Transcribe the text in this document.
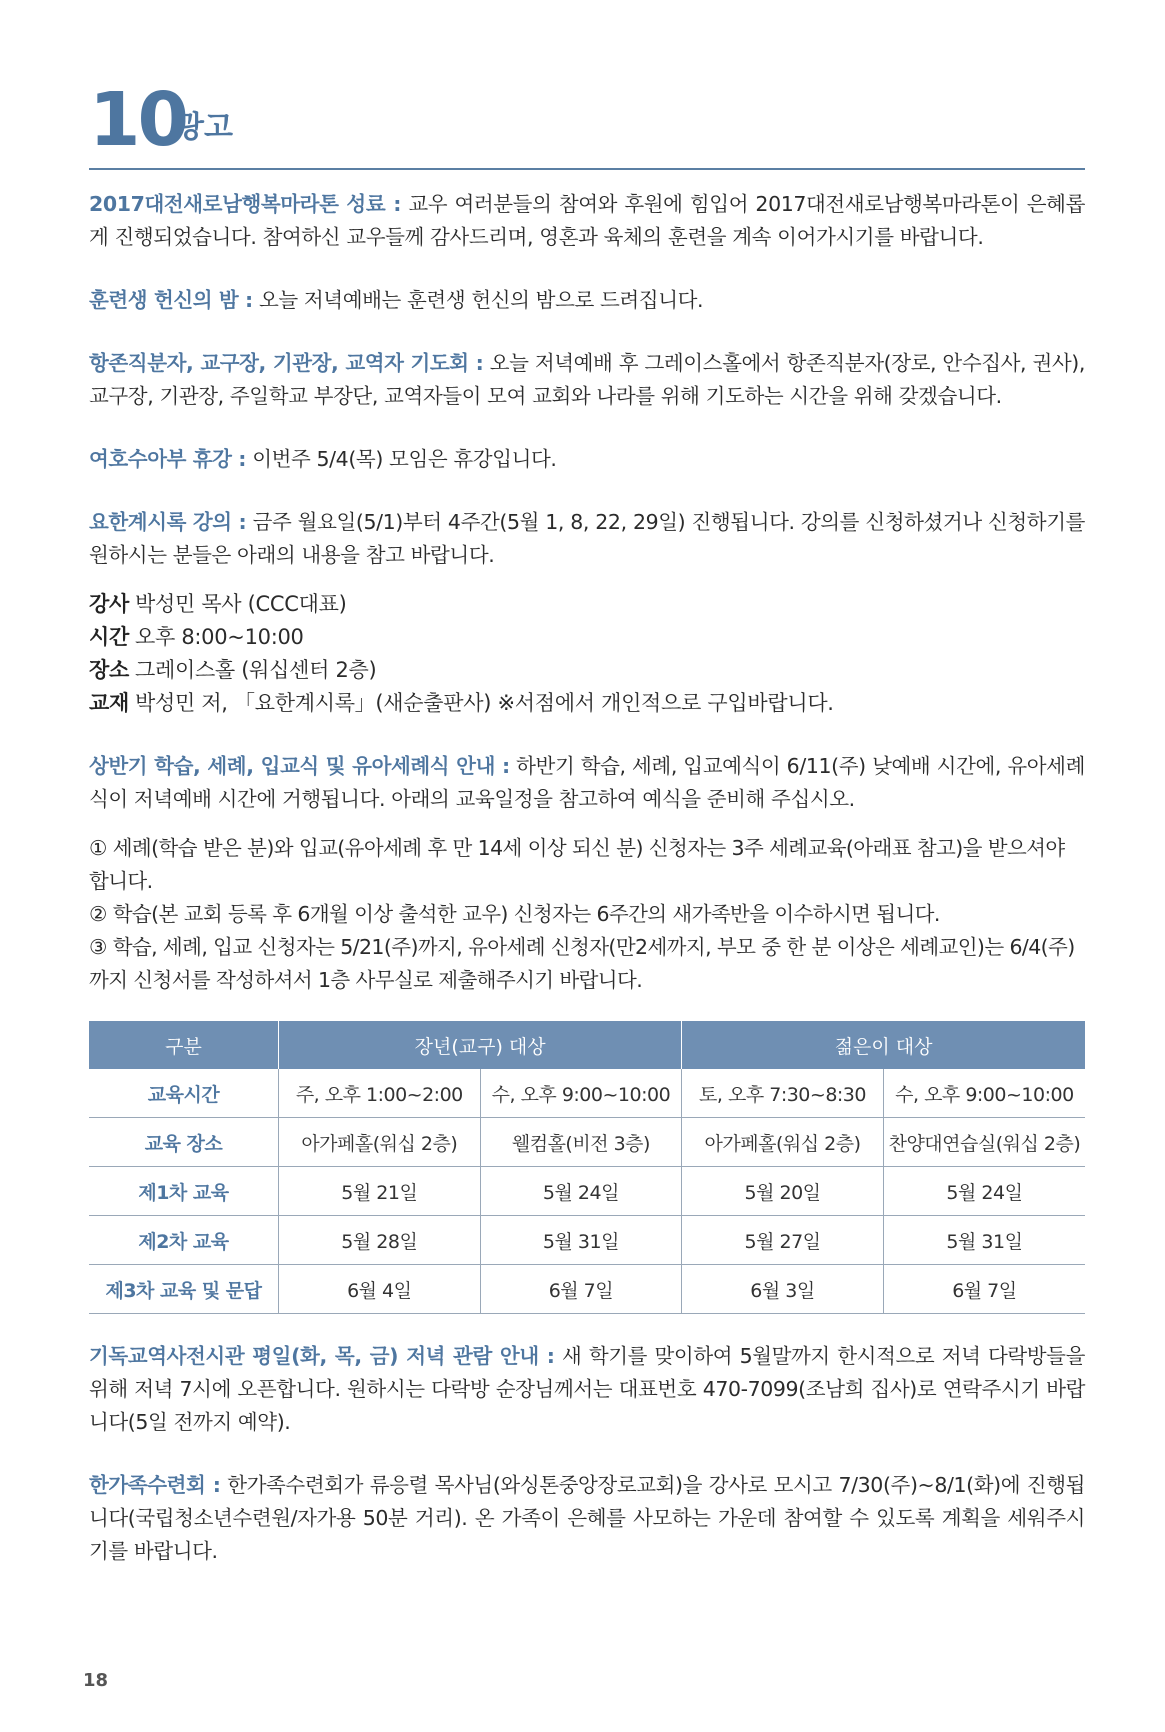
10
광고

2017대전새로남행복마라톤 성료 : 교우 여러분들의 참여와 후원에 힘입어 2017대전새로남행복마라톤이 은혜롭게 진행되었습니다. 참여하신 교우들께 감사드리며, 영혼과 육체의 훈련을 계속 이어가시기를 바랍니다.

훈련생 헌신의 밤 : 오늘 저녁예배는 훈련생 헌신의 밤으로 드려집니다.

항존직분자, 교구장, 기관장, 교역자 기도회 : 오늘 저녁예배 후 그레이스홀에서 항존직분자(장로, 안수집사, 권사), 교구장, 기관장, 주일학교 부장단, 교역자들이 모여 교회와 나라를 위해 기도하는 시간을 위해 갖겠습니다.

여호수아부 휴강 : 이번주 5/4(목) 모임은 휴강입니다.

요한계시록 강의 : 금주 월요일(5/1)부터 4주간(5월 1, 8, 22, 29일) 진행됩니다. 강의를 신청하셨거나 신청하기를 원하시는 분들은 아래의 내용을 참고 바랍니다.

강사 박성민 목사 (CCC대표)

시간 오후 8:00~10:00

장소 그레이스홀 (워십센터 2층)

교재 박성민 저, 「요한계시록」(새순출판사) ※서점에서 개인적으로 구입바랍니다.

상반기 학습, 세례, 입교식 및 유아세례식 안내 : 하반기 학습, 세례, 입교예식이 6/11(주) 낮예배 시간에, 유아세례식이 저녁예배 시간에 거행됩니다. 아래의 교육일정을 참고하여 예식을 준비해 주십시오.

① 세례(학습 받은 분)와 입교(유아세례 후 만 14세 이상 되신 분) 신청자는 3주 세례교육(아래표 참고)을 받으셔야 합니다.

② 학습(본 교회 등록 후 6개월 이상 출석한 교우) 신청자는 6주간의 새가족반을 이수하시면 됩니다.

③ 학습, 세례, 입교 신청자는 5/21(주)까지, 유아세례 신청자(만2세까지, 부모 중 한 분 이상은 세례교인)는 6/4(주)까지 신청서를 작성하셔서 1층 사무실로 제출해주시기 바랍니다.

구분	장년(교구) 대상		젊은이 대상	
교육시간	주, 오후 1:00~2:00	수, 오후 9:00~10:00	토, 오후 7:30~8:30	수, 오후 9:00~10:00
교육 장소	아가페홀(워십 2층)	웰컴홀(비전 3층)	아가페홀(워십 2층)	찬양대연습실(워십 2층)
제1차 교육	5월 21일	5월 24일	5월 20일	5월 24일
제2차 교육	5월 28일	5월 31일	5월 27일	5월 31일
제3차 교육 및 문답	6월 4일	6월 7일	6월 3일	6월 7일

기독교역사전시관 평일(화, 목, 금) 저녁 관람 안내 : 새 학기를 맞이하여 5월말까지 한시적으로 저녁 다락방들을 위해 저녁 7시에 오픈합니다. 원하시는 다락방 순장님께서는 대표번호 470-7099(조남희 집사)로 연락주시기 바랍니다(5일 전까지 예약).

한가족수련회 : 한가족수련회가 류응렬 목사님(와싱톤중앙장로교회)을 강사로 모시고 7/30(주)~8/1(화)에 진행됩니다(국립청소년수련원/자가용 50분 거리). 온 가족이 은혜를 사모하는 가운데 참여할 수 있도록 계획을 세워주시기를 바랍니다.

18
